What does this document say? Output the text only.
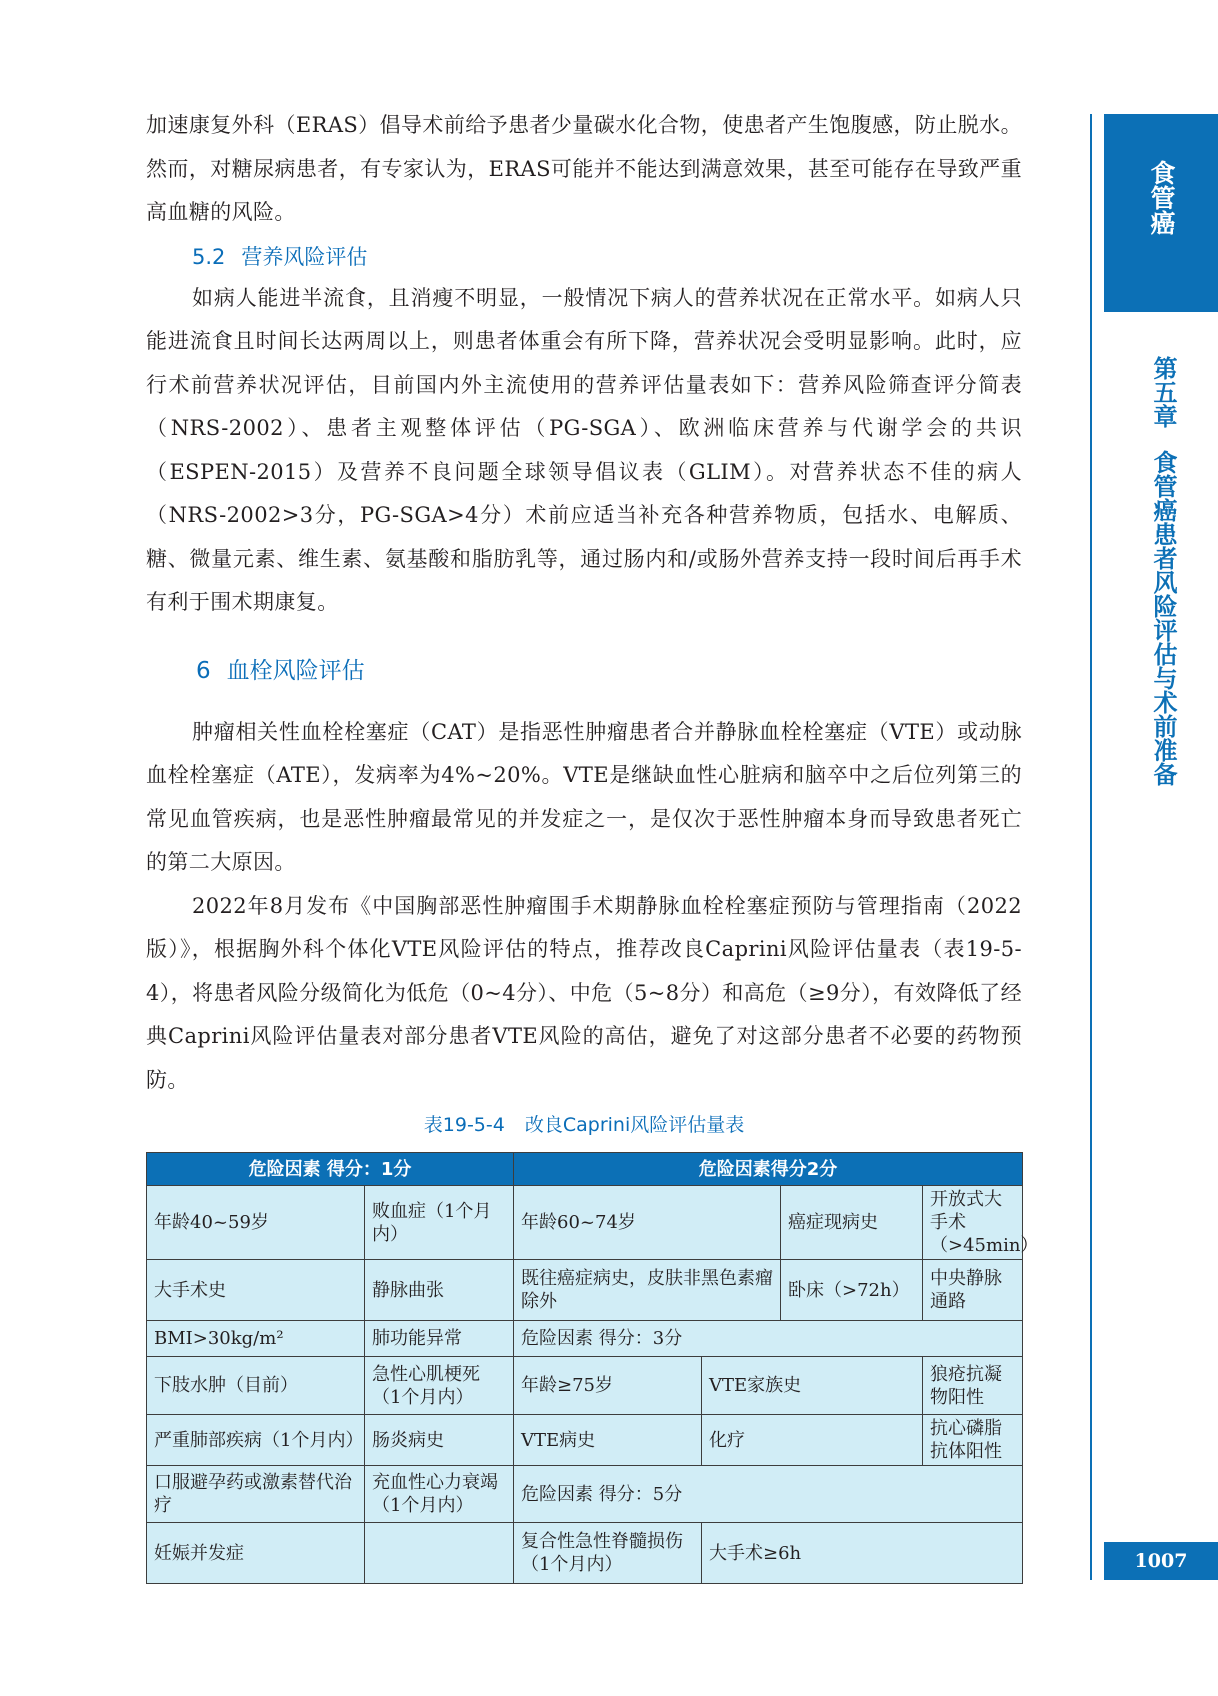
加速康复外科（ERAS）倡导术前给予患者少量碳水化合物，使患者产生饱腹感，防止脱水。然而，对糖尿病患者，有专家认为，ERAS可能并不能达到满意效果，甚至可能存在导致严重高血糖的风险。

5.2 营养风险评估

如病人能进半流食，且消瘦不明显，一般情况下病人的营养状况在正常水平。如病人只能进流食且时间长达两周以上，则患者体重会有所下降，营养状况会受明显影响。此时，应行术前营养状况评估，目前国内外主流使用的营养评估量表如下：营养风险筛查评分简表（NRS-2002）、患者主观整体评估（PG-SGA）、欧洲临床营养与代谢学会的共识（ESPEN-2015）及营养不良问题全球领导倡议表（GLIM）。对营养状态不佳的病人（NRS-2002>3分，PG-SGA>4分）术前应适当补充各种营养物质，包括水、电解质、糖、微量元素、维生素、氨基酸和脂肪乳等，通过肠内和/或肠外营养支持一段时间后再手术有利于围术期康复。

6 血栓风险评估

肿瘤相关性血栓栓塞症（CAT）是指恶性肿瘤患者合并静脉血栓栓塞症（VTE）或动脉血栓栓塞症（ATE），发病率为4%~20%。VTE是继缺血性心脏病和脑卒中之后位列第三的常见血管疾病，也是恶性肿瘤最常见的并发症之一，是仅次于恶性肿瘤本身而导致患者死亡的第二大原因。

2022年8月发布《中国胸部恶性肿瘤围手术期静脉血栓栓塞症预防与管理指南（2022版）》，根据胸外科个体化VTE风险评估的特点，推荐改良Caprini风险评估量表（表19-5-4），将患者风险分级简化为低危（0~4分）、中危（5~8分）和高危（≥9分），有效降低了经典Caprini风险评估量表对部分患者VTE风险的高估，避免了对这部分患者不必要的药物预防。

表19-5-4 改良Caprini风险评估量表
危险因素 得分：1分		危险因素得分2分			
年龄40~59岁	败血症（1个月内）	年龄60~74岁		癌症现病史	开放式大手术（>45min）
大手术史	静脉曲张	既往癌症病史，皮肤非黑色素瘤除外		卧床（>72h）	中央静脉通路
BMI>30kg/m²	肺功能异常	危险因素 得分：3分			
下肢水肿（目前）	急性心肌梗死（1个月内）	年龄≥75岁	VTE家族史		狼疮抗凝物阳性
严重肺部疾病（1个月内）	肠炎病史	VTE病史	化疗		抗心磷脂抗体阳性
口服避孕药或激素替代治疗	充血性心力衰竭（1个月内）	危险因素 得分：5分			
妊娠并发症		复合性急性脊髓损伤（1个月内）	大手术≥6h		
食管癌
第五章食管癌患者风险评估与术前准备
1007
